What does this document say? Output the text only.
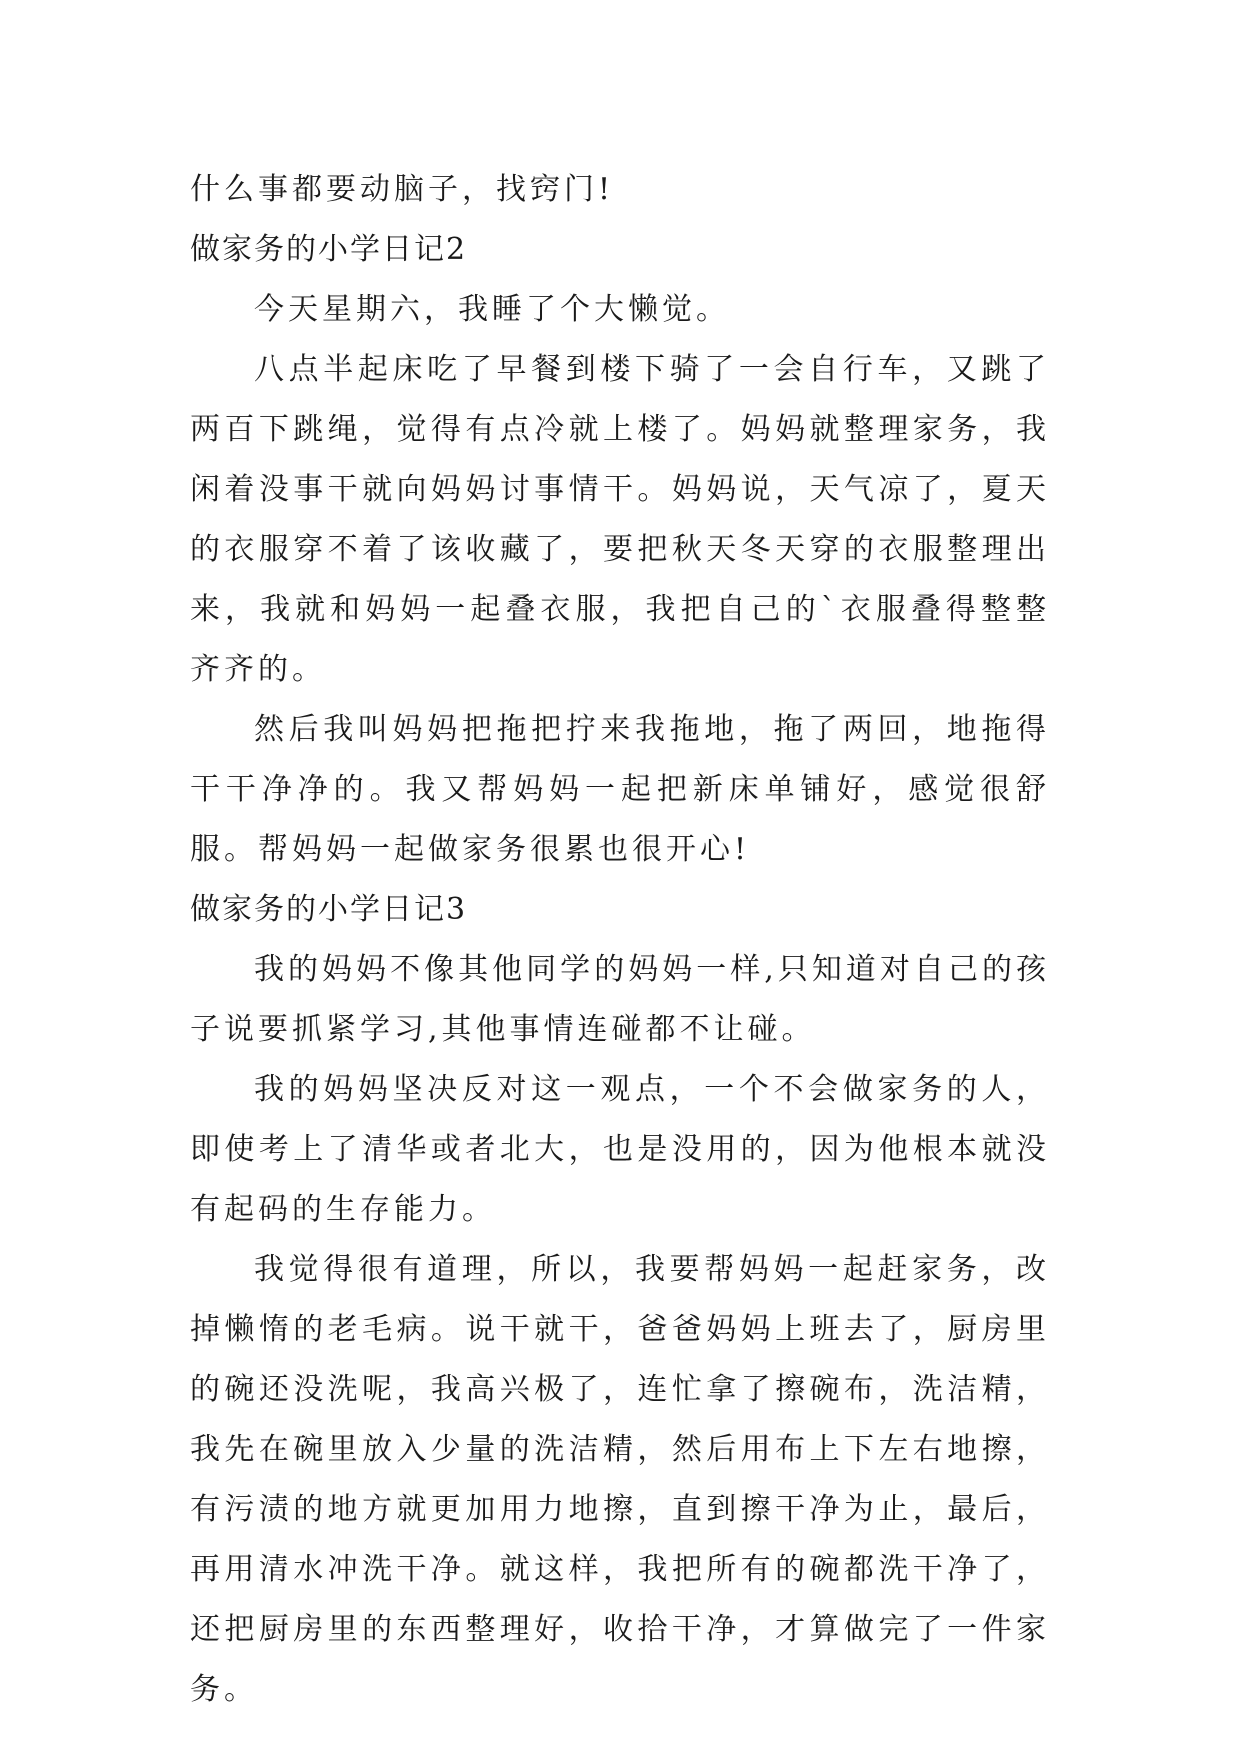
什么事都要动脑子，找窍门!

做家务的小学日记2

今天星期六，我睡了个大懒觉。

八点半起床吃了早餐到楼下骑了一会自行车，又跳了两百下跳绳，觉得有点冷就上楼了。妈妈就整理家务，我闲着没事干就向妈妈讨事情干。妈妈说，天气凉了，夏天的衣服穿不着了该收藏了，要把秋天冬天穿的衣服整理出来，我就和妈妈一起叠衣服，我把自己的`衣服叠得整整齐齐的。

然后我叫妈妈把拖把拧来我拖地，拖了两回，地拖得干干净净的。我又帮妈妈一起把新床单铺好，感觉很舒服。帮妈妈一起做家务很累也很开心!

做家务的小学日记3

我的妈妈不像其他同学的妈妈一样,只知道对自己的孩子说要抓紧学习,其他事情连碰都不让碰。

我的妈妈坚决反对这一观点，一个不会做家务的人，即使考上了清华或者北大，也是没用的，因为他根本就没有起码的生存能力。

我觉得很有道理，所以，我要帮妈妈一起赶家务，改掉懒惰的老毛病。说干就干，爸爸妈妈上班去了，厨房里的碗还没洗呢，我高兴极了，连忙拿了擦碗布，洗洁精，我先在碗里放入少量的洗洁精，然后用布上下左右地擦，有污渍的地方就更加用力地擦，直到擦干净为止，最后，再用清水冲洗干净。就这样，我把所有的碗都洗干净了，还把厨房里的东西整理好，收拾干净，才算做完了一件家务。
